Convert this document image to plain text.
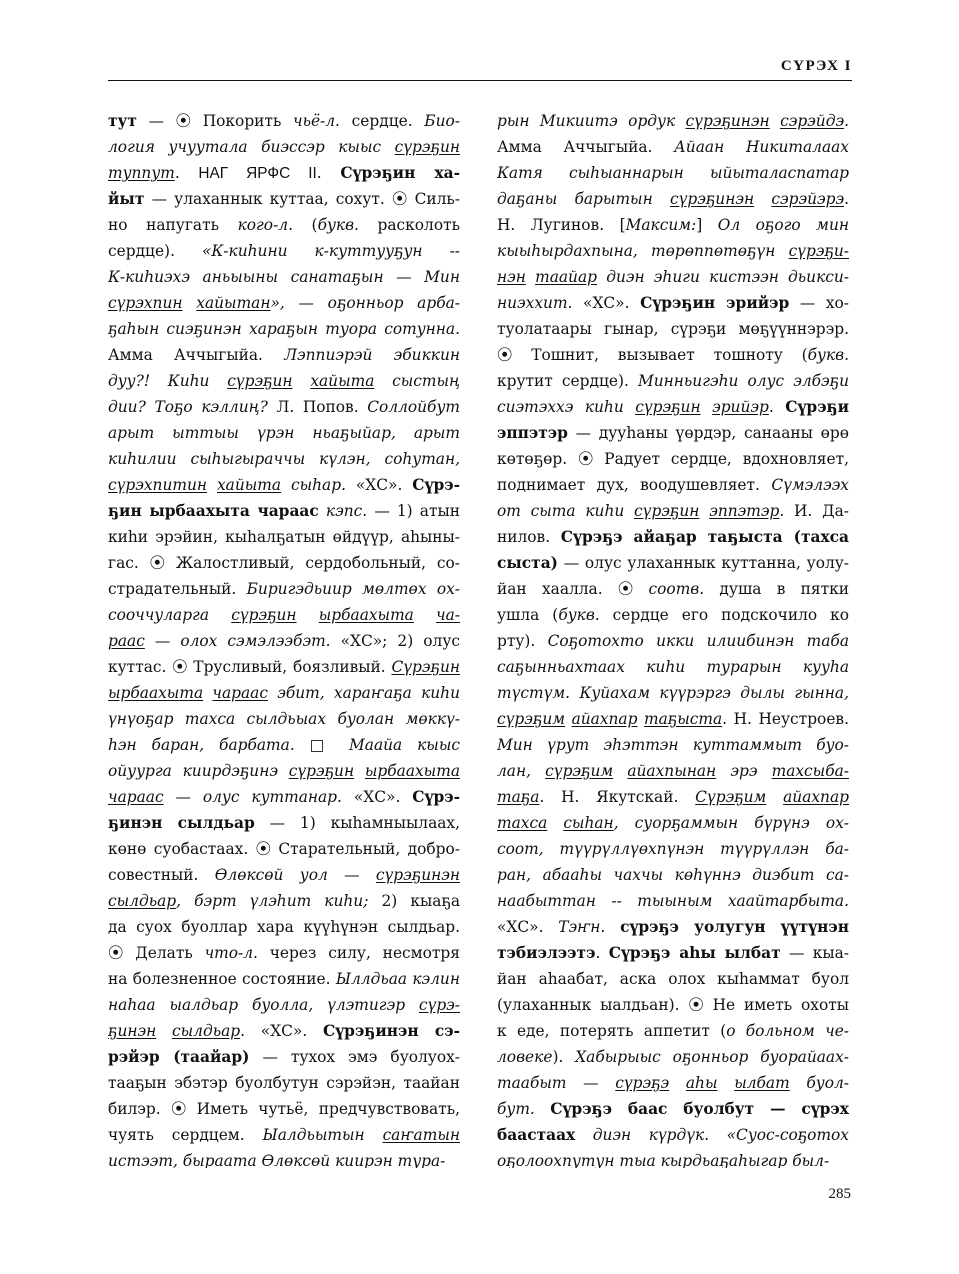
СҮРЭХ I
тут — ⦿ Покорить чьё-л. сердце. Био-
логия учуутала биэссэр кыыс сүрэҕин
туппут. НАГ ЯРФС II. Сүрэҕин ха-
йыт — улаханнык куттаа, сохут. ⦿ Силь-
но напугать кого-л. (букв. расколоть
сердце). «К-киһини к-куттууҕун --
К-киһиэхэ аньыыны санатаҕын — Мин
сүрэхпин хайытан», — оҕонньор арба-
ҕаһын сиэҕинэн хараҕын туора сотунна.
Амма Аччыгыйа. Лэппиэрэй эбиккин
дуу?! Киһи сүрэҕин хайыта сыстың
дии? Тоҕо кэллиң? Л. Попов. Соллойбут
арыт ыттыы үрэн ньаҕыйар, арыт
киһилии сыһыгыраччы күлэн, соһутан,
сүрэхпитин хайыта сыһар. «ХС». Сүрэ-
ҕин ырбаахыта чараас кэпс. — 1) атын
киһи эрэйин, кыһалҕатын өйдүүр, аһыны-
гас. ⦿ Жалостливый, сердобольный, со-
страдательный. Биригэдьиир мөлтөх ох-
сооччуларга сүрэҕин ырбаахыта ча-
раас — олох сэмэлээбэт. «ХС»; 2) олус
куттас. ⦿ Трусливый, боязливый. Сүрэҕин
ырбаахыта чараас эбит, хараҥаҕа киһи
үнүоҕар тахса сылдьыах буолан мөккү-
һэн баран, барбата. □ Маайа кыыс
ойуурга киирдэҕинэ сүрэҕин ырбаахыта
чараас — олус куттанар. «ХС». Сүрэ-
ҕинэн сылдьар — 1) кыһамныылаах,
көнө суобастаах. ⦿ Старательный, добро-
совестный. Өлөксөй уол — сүрэҕинэн
сылдьар, бэрт үлэһит киһи; 2) кыаҕа
да суох буоллар хара күүһүнэн сылдьар.
⦿ Делать что-л. через силу, несмотря
на болезненное состояние. Ыллдьаа кэлин
наһаа ыалдьар буолла, үлэтигэр сүрэ-
ҕинэн сылдьар. «ХС». Сүрэҕинэн сэ-
рэйэр (таайар) — тухох эмэ буолуох-
тааҕын эбэтэр буолбутун сэрэйэн, таайан
билэр. ⦿ Иметь чутьё, предчувствовать,
чуять сердцем. Ыалдьытын саҥатын
истээт, быраата Өлөксөй киирэн тура-
рын Микиитэ ордук сүрэҕинэн сэрэйдэ.
Амма Аччыгыйа. Айаан Никиталаах
Катя сыһыаннарын ыйыталаспатар
даҕаны барытын сүрэҕинэн сэрэйэрэ.
Н. Лугинов. [Максим:] Ол оҕого мин
кыыһырдахпына, төрөппөтөҕүн сүрэҕи-
нэн таайар диэн эһиги кистээн дьикси-
ниэххит. «ХС». Сүрэҕин эрийэр — хо-
туолатаары гынар, сүрэҕи мөҕүүннэрэр.
⦿ Тошнит, вызывает тошноту (букв.
крутит сердце). Минньигэһи олус элбэҕи
сиэтэххэ киһи сүрэҕин эрийэр. Сүрэҕи
эппэтэр — дууһаны үөрдэр, санааны өрө
көтөҕөр. ⦿ Радует сердце, вдохновляет,
поднимает дух, воодушевляет. Сүмэлээх
от сыта киһи сүрэҕин эппэтэр. И. Да-
нилов. Сүрэҕэ айаҕар таҕыста (тахса
сыста) — олус улаханнык куттанна, уолу-
йан хаалла. ⦿ соотв. душа в пятки
ушла (букв. сердце его подскочило ко
рту). Соҕотохто икки илиибинэн таба
саҕынньахтаах киһи турарын кууһа
түстүм. Куйахам күүрэргэ дылы гынна,
сүрэҕим айахпар таҕыста. Н. Неустроев.
Мин үрут эһэттэн куттаммыт буо-
лан, сүрэҕим айахпынан эрэ тахсыба-
таҕа. Н. Якутскай. Сүрэҕим айахпар
тахса сыһан, суорҕаммын бүрүнэ ох-
соот, түүрүллүөхпүнэн түүрүллэн ба-
ран, абааһы чахчы көһүннэ диэбит са-
наабыттан -- тыыным хаайтарбыта.
«ХС». Тэҥн. сүрэҕэ уолугун үүтүнэн
тэбиэлээтэ. Сүрэҕэ аһы ылбат — кыа-
йан аһаабат, аска олох кыһаммат буол
(улаханнык ыалдьан). ⦿ Не иметь охоты
к еде, потерять аппетит (о больном че-
ловеке). Хабырыыс оҕонньор буорайаах-
таабыт — сүрэҕэ аһы ылбат буол-
бут. Сүрэҕэ баас буолбут — сүрэх
баастаах диэн күрдүк. «Суос-соҕотох
оҕолоохпутун тыа кырдьаҕаһыгар был-
285
